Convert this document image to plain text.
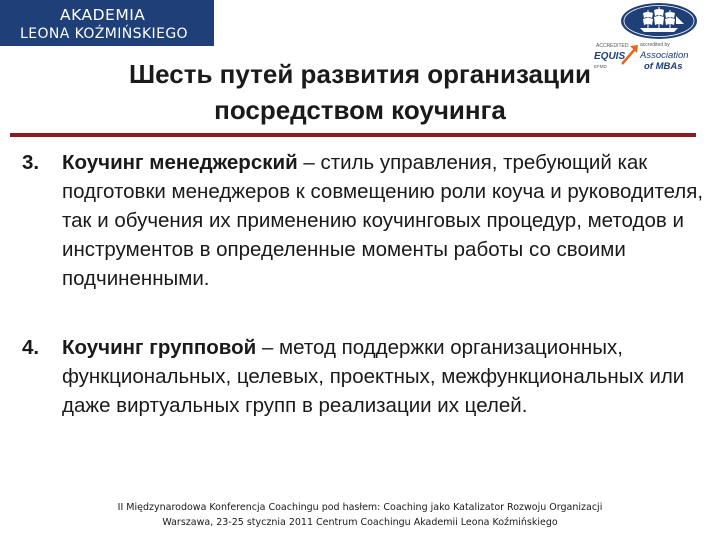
AKADEMIA
LEONA KOŹMIŃSKIEGO
ACCREDITED
EQUIS
EFMD
accredited by
Association
of MBAs
Шесть путей развития организации
посредством коучинга
3. Коучинг менеджерский – стиль управления, требующий как подготовки менеджеров к совмещению роли коуча и руководителя, так и обучения их применению коучинговых процедур, методов и инструментов в определенные моменты работы со своими подчиненными.
4. Коучинг групповой – метод поддержки организационных, функциональных, целевых, проектных, межфункциональных или даже виртуальных групп в реализации их целей.
II Międzynarodowa Konferencja Coachingu pod hasłem: Coaching jako Katalizator Rozwoju Organizacji
Warszawa, 23-25 stycznia 2011 Centrum Coachingu Akademii Leona Koźmińskiego
